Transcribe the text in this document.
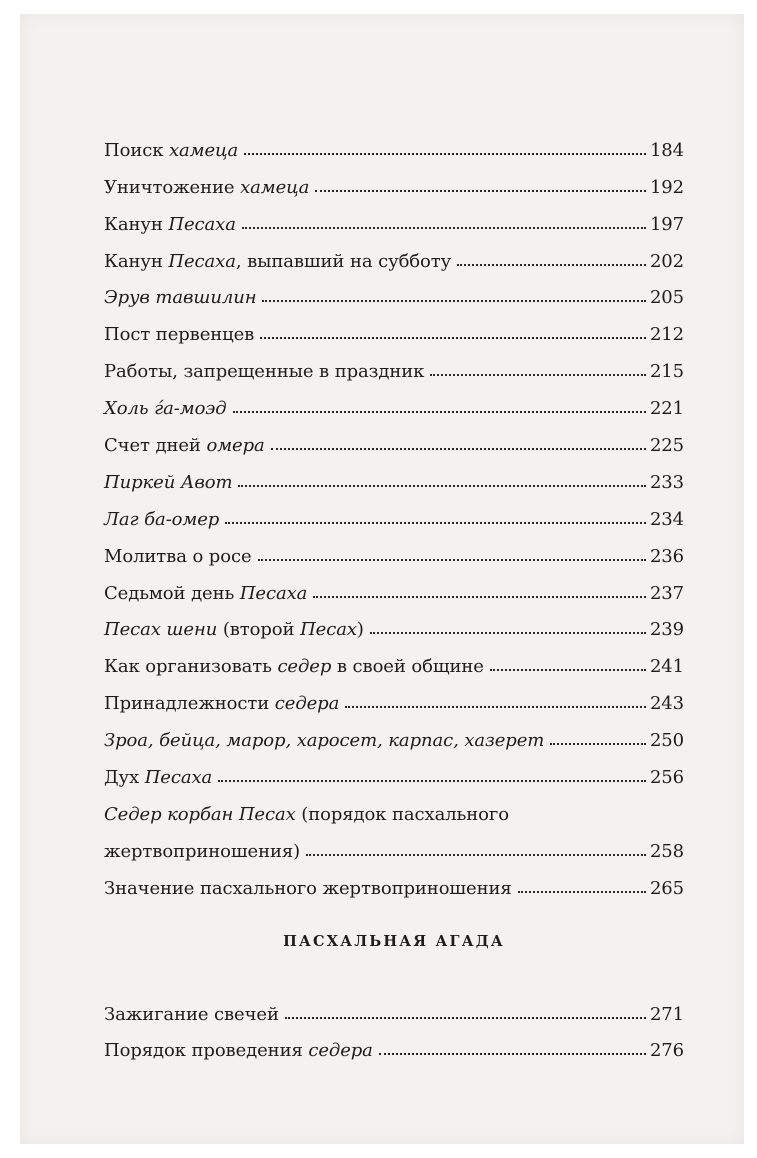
Поиск хамеца	184
Уничтожение хамеца	192
Канун Песаха	197
Канун Песаха, выпавший на субботу	202
Эрув тавшилин	205
Пост первенцев	212
Работы, запрещенные в праздник	215
Холь ѓа-моэд	221
Счет дней омера	225
Пиркей Авот	233
Лаг ба-омер	234
Молитва о росе	236
Седьмой день Песаха	237
Песах шени (второй Песах)	239
Как организовать седер в своей общине	241
Принадлежности седера	243
Зроа, бейца, марор, харосет, карпас, хазерет	250
Дух Песаха	256
Седер корбан Песах (порядок пасхального
жертвоприношения)	258
Значение пасхального жертвоприношения	265
ПАСХАЛЬНАЯ АГАДА
Зажигание свечей	271
Порядок проведения седера	276
